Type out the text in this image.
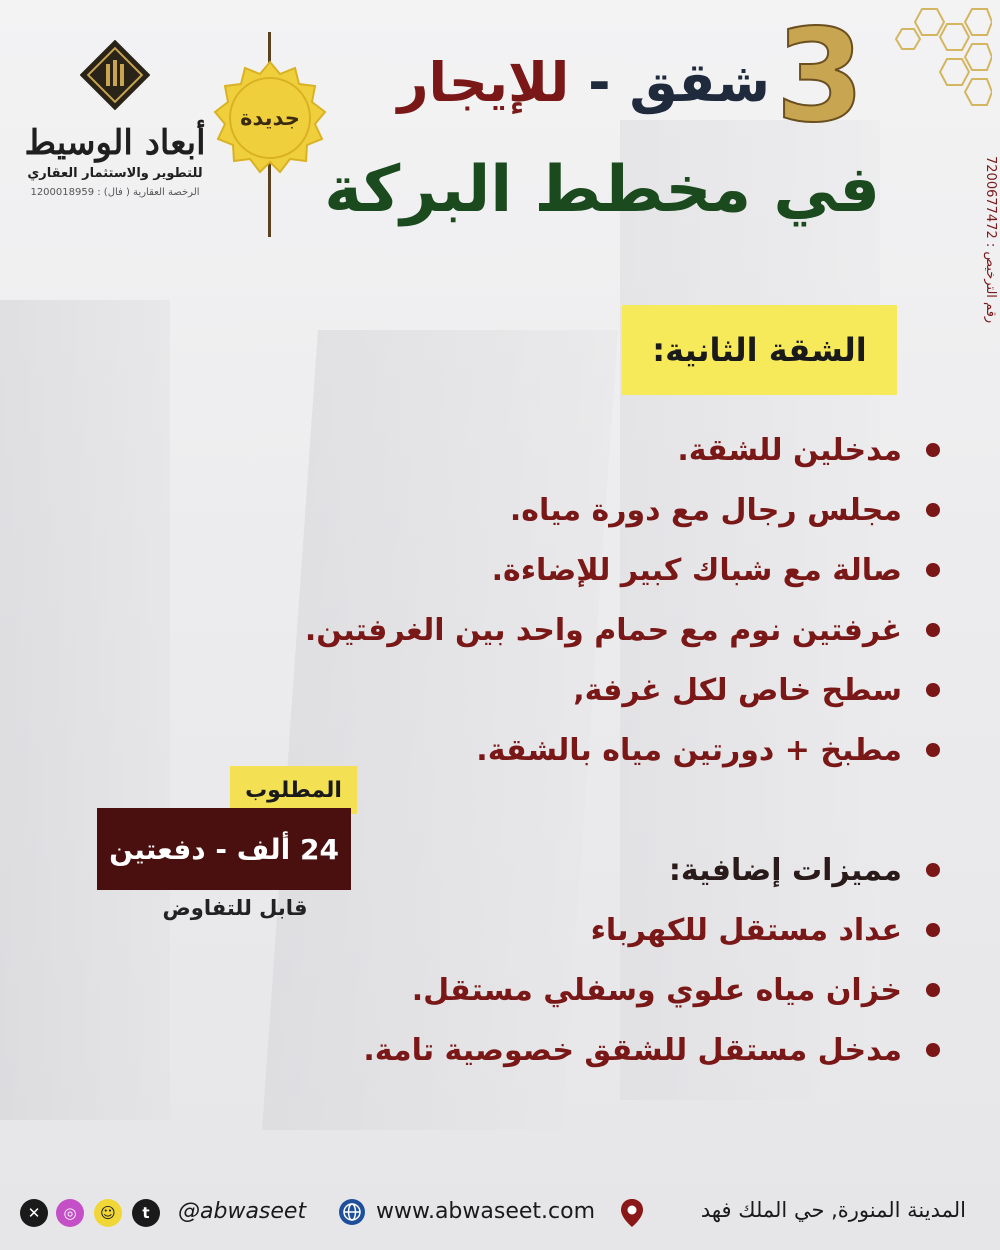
رقم الترخيص : 7200677472
أبعاد الوسيط
للتطوير والاستثمار العقاري
الرخصة العقارية ( فال) : 1200018959
جديدة	3
شقق - للإيجار
في مخطط البركة
الشقة الثانية:
مدخلين للشقة.
مجلس رجال مع دورة مياه.
صالة مع شباك كبير للإضاءة.
غرفتين نوم مع حمام واحد بين الغرفتين.
سطح خاص لكل غرفة,
مطبخ + دورتين مياه بالشقة.
مميزات إضافية:
عداد مستقل للكهرباء
خزان مياه علوي وسفلي مستقل.
مدخل مستقل للشقق خصوصية تامة.
المطلوب
24 ألف - دفعتين
قابل للتفاوض
المدينة المنورة, حي الملك فهد
www.abwaseet.com
@abwaseet
t
☺
◎
✕
